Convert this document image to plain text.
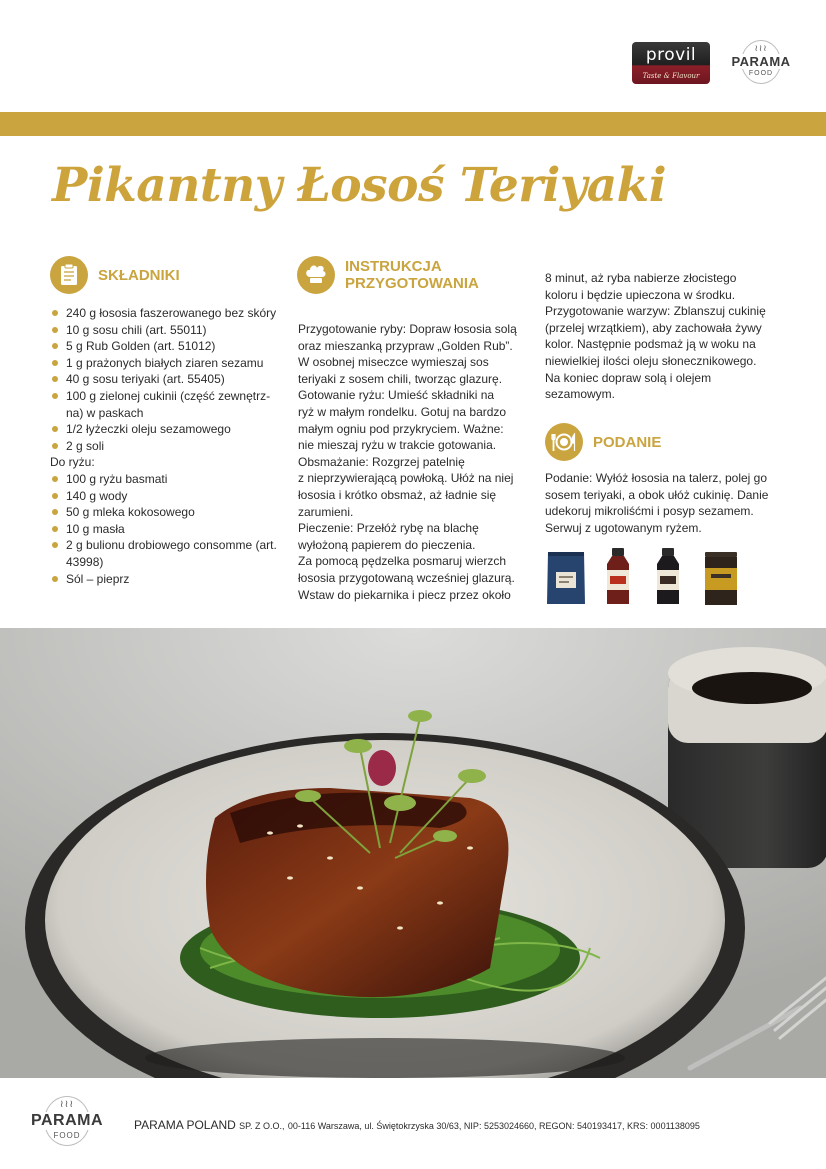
provil
Taste & Flavour
≀≀≀
PARAMA
FOOD
Pikantny Łosoś Teriyaki
SKŁADNIKI
240 g łososia faszerowanego bez skóry
10 g sosu chili (art. 55011)
5 g Rub Golden (art. 51012)
1 g prażonych białych ziaren sezamu
40 g sosu teriyaki (art. 55405)
100 g zielonej cukinii (część zewnętrz-na) w paskach
1/2 łyżeczki oleju sezamowego
2 g soli
Do ryżu:
100 g ryżu basmati
140 g wody
50 g mleka kokosowego
10 g masła
2 g bulionu drobiowego consomme (art. 43998)
Sól – pieprz
INSTRUKCJA
PRZYGOTOWANIA
Przygotowanie ryby: Dopraw łososia solą
oraz mieszanką przypraw „Golden Rub”.
W osobnej miseczce wymieszaj sos
teriyaki z sosem chili, tworząc glazurę.
Gotowanie ryżu: Umieść składniki na
ryż w małym rondelku. Gotuj na bardzo
małym ogniu pod przykryciem. Ważne:
nie mieszaj ryżu w trakcie gotowania.
Obsmażanie: Rozgrzej patelnię
z nieprzywierającą powłoką. Ułóż na niej
łososia i krótko obsmaż, aż ładnie się
zarumieni.
Pieczenie: Przełóż rybę na blachę
wyłożoną papierem do pieczenia.
Za pomocą pędzelka posmaruj wierzch
łososia przygotowaną wcześniej glazurą.
Wstaw do piekarnika i piecz przez około
8 minut, aż ryba nabierze złocistego
koloru i będzie upieczona w środku.
Przygotowanie warzyw: Zblanszuj cukinię
(przelej wrzątkiem), aby zachowała żywy
kolor. Następnie podsmaż ją w woku na
niewielkiej ilości oleju słonecznikowego.
Na koniec dopraw solą i olejem
sezamowym.
PODANIE
Podanie: Wyłóż łososia na talerz, polej go
sosem teriyaki, a obok ułóż cukinię. Danie
udekoruj mikroliśćmi i posyp sezamem.
Serwuj z ugotowanym ryżem.
≀≀≀
PARAMA
FOOD
PARAMA POLAND SP. Z O.O., 00-116 Warszawa, ul. Świętokrzyska 30/63, NIP: 5253024660, REGON: 540193417, KRS: 0001138095
